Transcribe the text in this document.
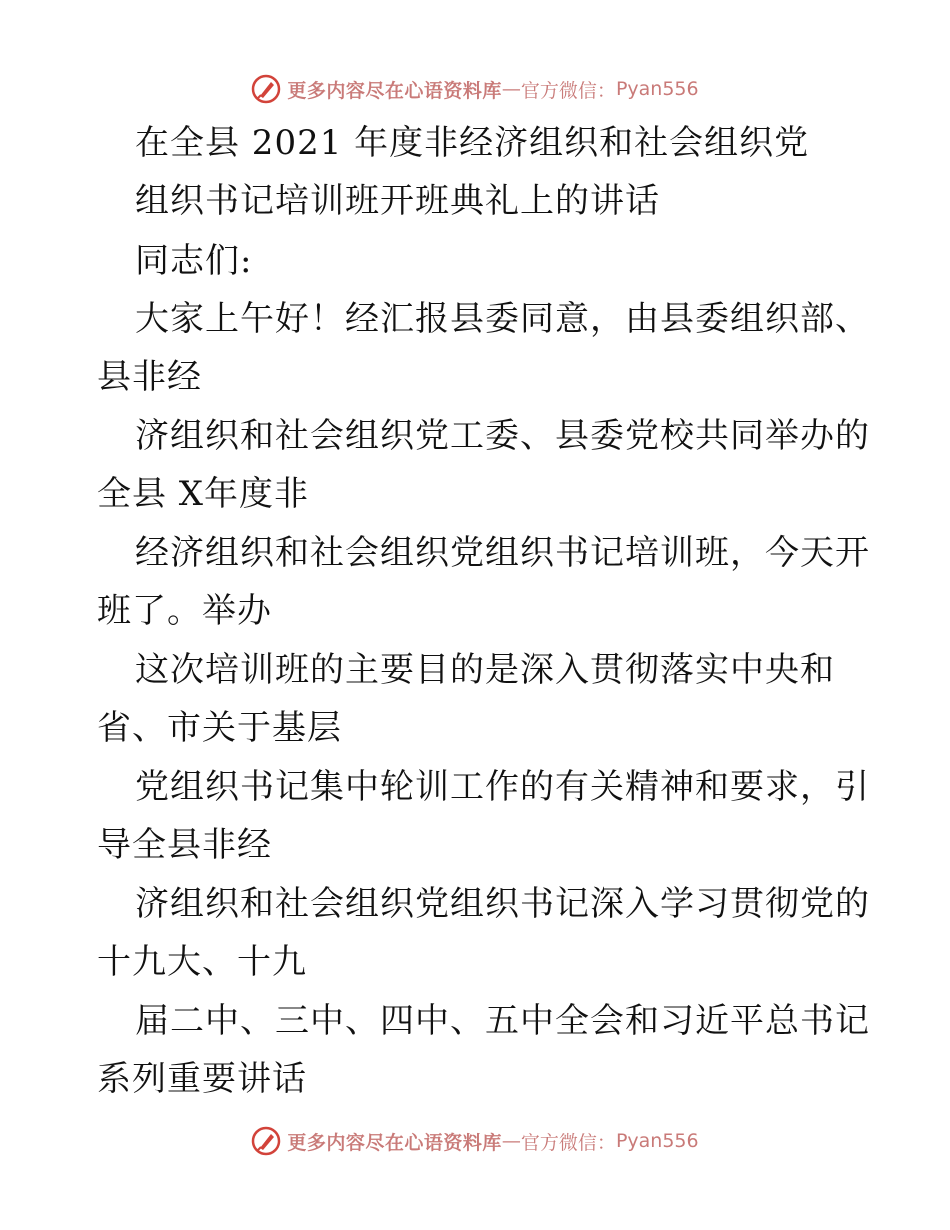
更多内容尽在心语资料库 — 官方微信： Pyan556
在全县 2021 年度非经济组织和社会组织党
组织书记培训班开班典礼上的讲话
同志们:
大家上午好！经汇报县委同意，由县委组织部、
县非经
济组织和社会组织党工委、县委党校共同举办的
全县 X年度非
经济组织和社会组织党组织书记培训班，今天开
班了。举办
这次培训班的主要目的是深入贯彻落实中央和
省、市关于基层
党组织书记集中轮训工作的有关精神和要求，引
导全县非经
济组织和社会组织党组织书记深入学习贯彻党的
十九大、十九
届二中、三中、四中、五中全会和习近平总书记
系列重要讲话
更多内容尽在心语资料库 — 官方微信： Pyan556
